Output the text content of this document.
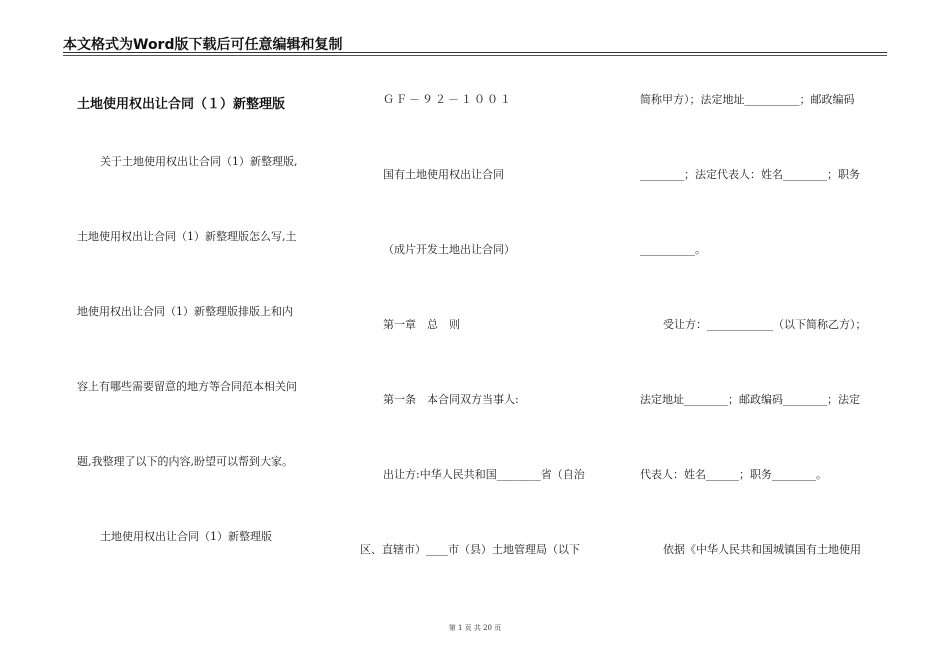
本文格式为Word版下载后可任意编辑和复制
土地使用权出让合同（１）新整理版
关于土地使用权出让合同（1）新整理版,
土地使用权出让合同（1）新整理版怎么写,土
地使用权出让合同（1）新整理版排版上和内
容上有哪些需要留意的地方等合同范本相关问
题,我整理了以下的内容,盼望可以帮到大家。
土地使用权出让合同（1）新整理版
ＧＦ－９２－１００１
国有土地使用权出让合同
（成片开发土地出让合同）
第一章　总　则
第一条　本合同双方当事人:
出让方:中华人民共和国________省（自治
区、直辖市）____市（县）土地管理局（以下
简称甲方）；法定地址__________；邮政编码
________；法定代表人：姓名________；职务
__________。
受让方：____________（以下简称乙方）；
法定地址________；邮政编码________；法定
代表人：姓名______；职务________。
依据《中华人民共和国城镇国有土地使用
第 1 页 共 20 页
